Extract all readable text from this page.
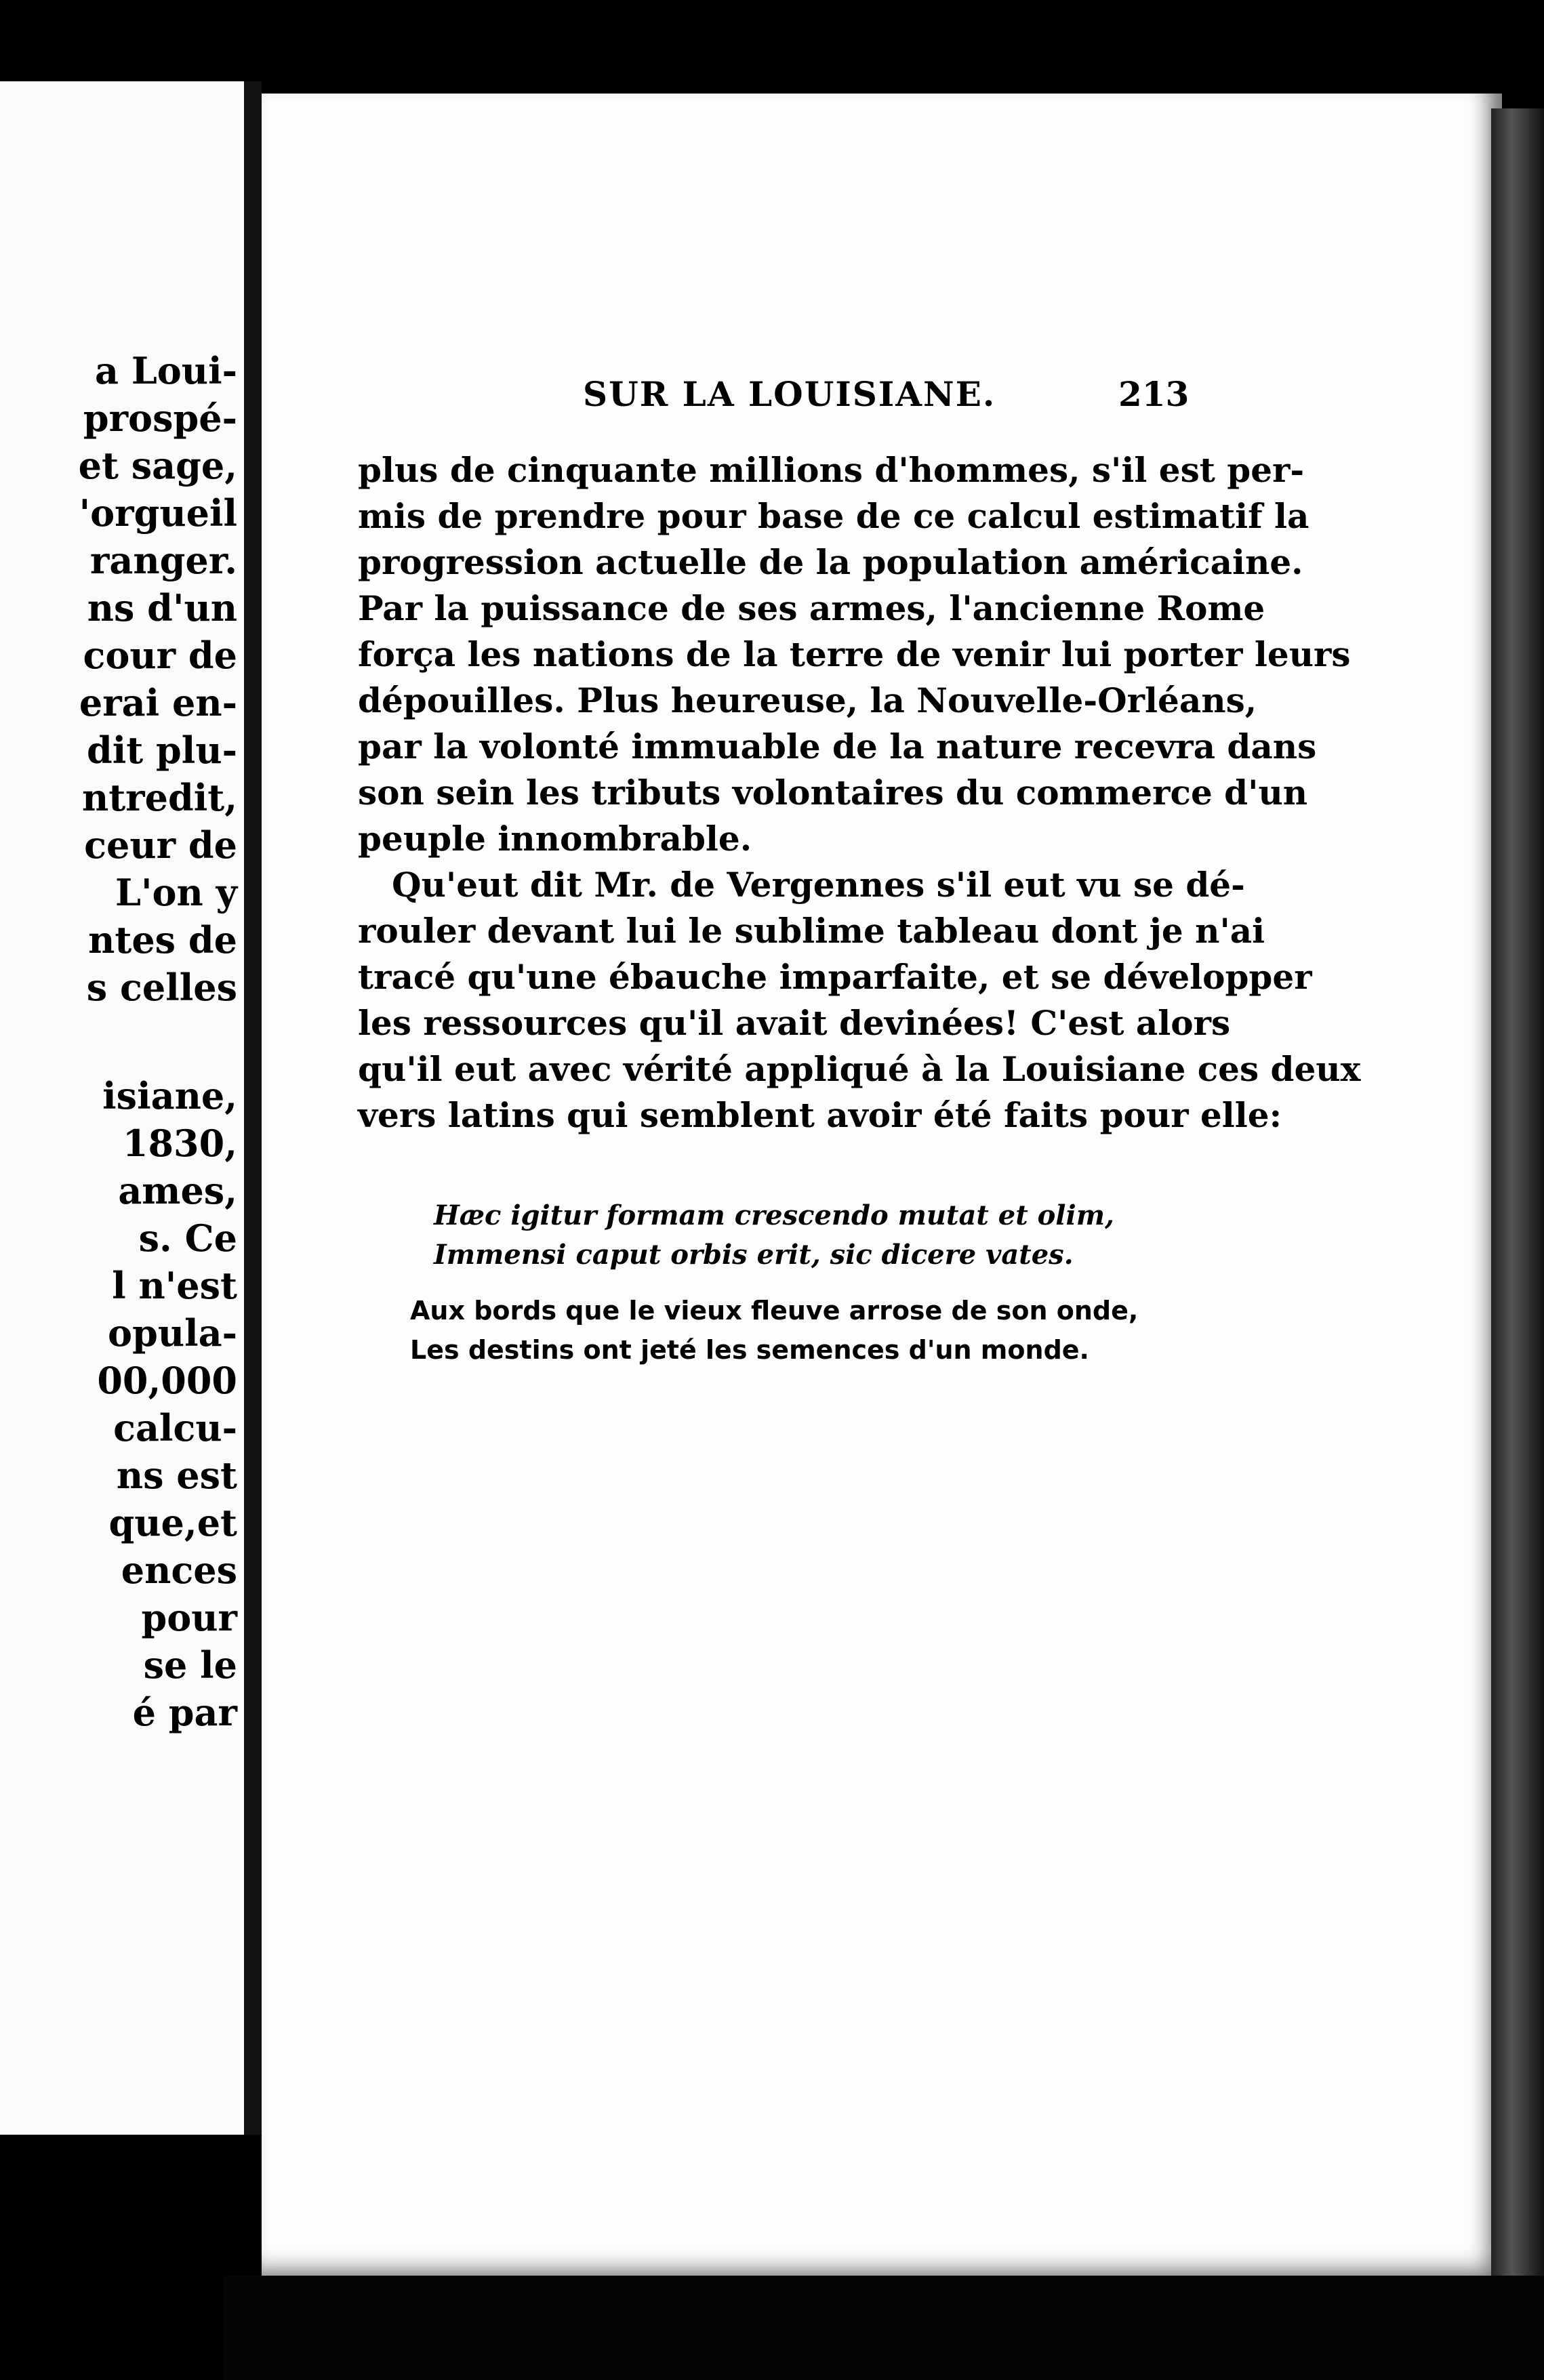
a Loui-
prospé-
et sage,
'orgueil
ranger.
ns d'un
cour de
erai en-
dit plu-
ntredit,
ceur de
L'on y
ntes de
s celles
isiane,
1830,
ames,
s. Ce
l n'est
opula-
00,000
calcu-
ns est
que,et
ences
pour
se le
é par
SUR LA LOUISIANE.	213
plus de cinquante millions d'hommes, s'il est per-
mis de prendre pour base de ce calcul estimatif la
progression actuelle de la population américaine.
Par la puissance de ses armes, l'ancienne Rome
força les nations de la terre de venir lui porter leurs
dépouilles. Plus heureuse, la Nouvelle-Orléans,
par la volonté immuable de la nature recevra dans
son sein les tributs volontaires du commerce d'un
peuple innombrable.
Qu'eut dit Mr. de Vergennes s'il eut vu se dé-
rouler devant lui le sublime tableau dont je n'ai
tracé qu'une ébauche imparfaite, et se développer
les ressources qu'il avait devinées! C'est alors
qu'il eut avec vérité appliqué à la Louisiane ces deux
vers latins qui semblent avoir été faits pour elle:
Hæc igitur formam crescendo mutat et olim,
Immensi caput orbis erit, sic dicere vates.
Aux bords que le vieux fleuve arrose de son onde,
Les destins ont jeté les semences d'un monde.
